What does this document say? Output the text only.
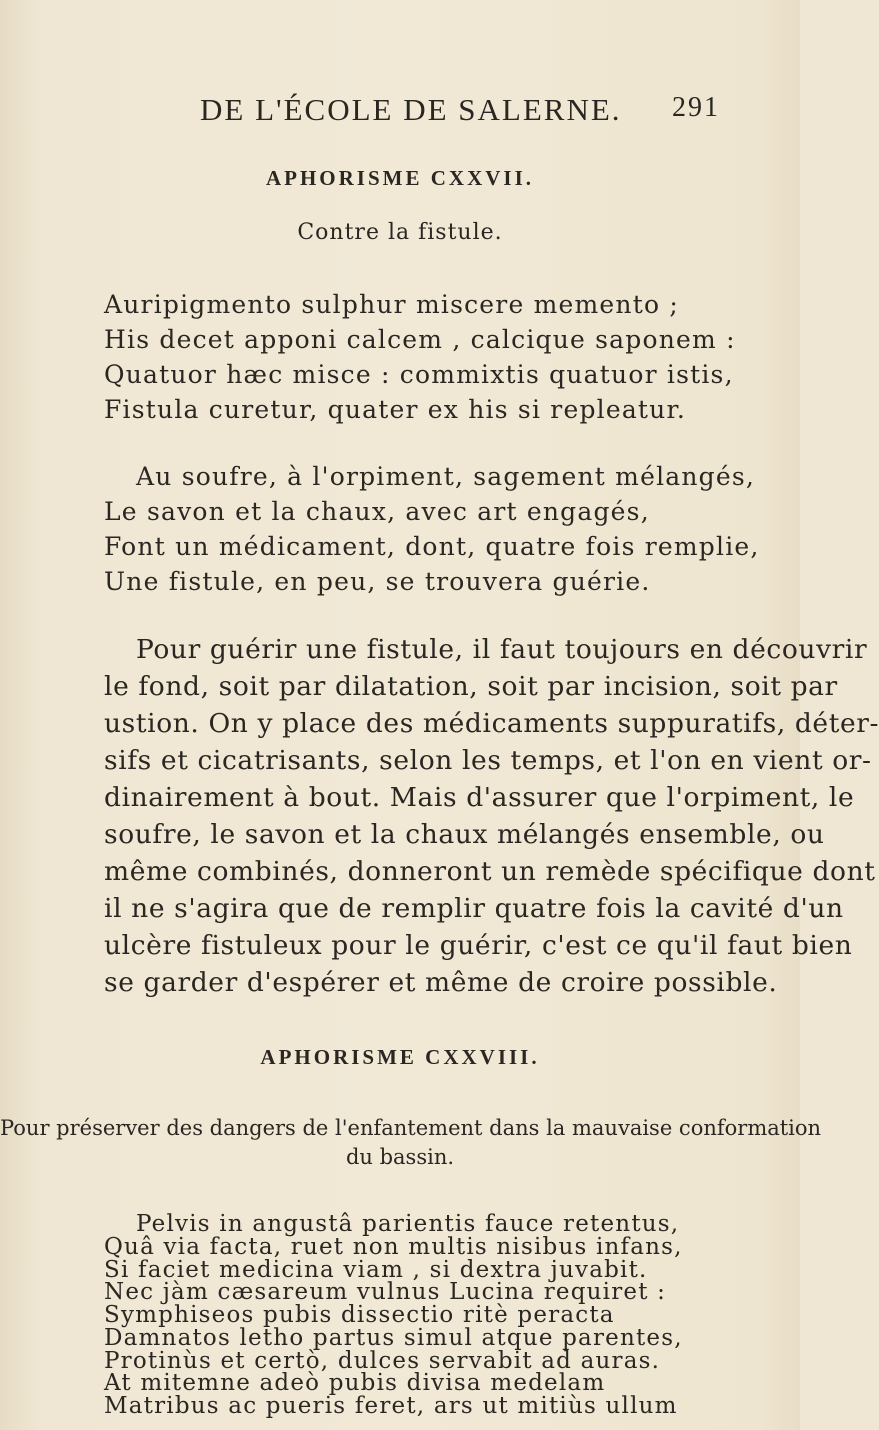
DE L'ÉCOLE DE SALERNE. 291
APHORISME CXXVII.
Contre la fistule.
Auripigmento sulphur miscere memento ;
His decet apponi calcem , calcique saponem :
Quatuor hæc misce : commixtis quatuor istis,
Fistula curetur, quater ex his si repleatur.
Au soufre, à l'orpiment, sagement mélangés,
Le savon et la chaux, avec art engagés,
Font un médicament, dont, quatre fois remplie,
Une fistule, en peu, se trouvera guérie.
Pour guérir une fistule, il faut toujours en découvrir
le fond, soit par dilatation, soit par incision, soit par
ustion. On y place des médicaments suppuratifs, déter-
sifs et cicatrisants, selon les temps, et l'on en vient or-
dinairement à bout. Mais d'assurer que l'orpiment, le
soufre, le savon et la chaux mélangés ensemble, ou
même combinés, donneront un remède spécifique dont
il ne s'agira que de remplir quatre fois la cavité d'un
ulcère fistuleux pour le guérir, c'est ce qu'il faut bien
se garder d'espérer et même de croire possible.
APHORISME CXXVIII.
Pour préserver des dangers de l'enfantement dans la mauvaise conformation
du bassin.
Pelvis in angustâ parientis fauce retentus,
Quâ via facta, ruet non multis nisibus infans,
Si faciet medicina viam , si dextra juvabit.
Nec jàm cæsareum vulnus Lucina requiret :
Symphiseos pubis dissectio ritè peracta
Damnatos letho partus simul atque parentes,
Protinùs et certò, dulces servabit ad auras.
At mitemne adeò pubis divisa medelam
Matribus ac pueris feret, ars ut mitiùs ullum
